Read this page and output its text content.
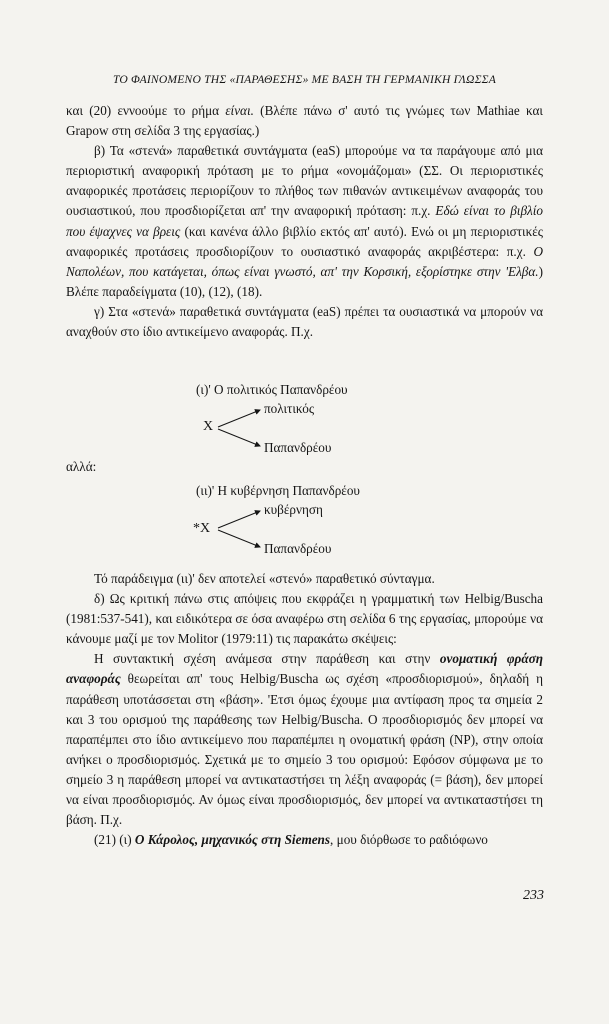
ΤΟ ΦΑΙΝΟΜΕΝΟ ΤΗΣ «ΠΑΡΑΘΕΣΗΣ» ΜΕ ΒΑΣΗ ΤΗ ΓΕΡΜΑΝΙΚΗ ΓΛΩΣΣΑ

και (20) εννοούμε το ρήμα είναι. (Βλέπε πάνω σ' αυτό τις γνώμες των Mathiae και Grapow στη σελίδα 3 της εργασίας.)

β) Τα «στενά» παραθετικά συντάγματα (eaS) μπορούμε να τα παράγουμε από μια περιοριστική αναφορική πρόταση με το ρήμα «ονομάζομαι» (ΣΣ. Οι περιοριστικές αναφορικές προτάσεις περιορίζουν το πλήθος των πιθανών αντικειμένων αναφοράς του ουσιαστικού, που προσδιορίζεται απ' την αναφορική πρόταση: π.χ. Εδώ είναι το βιβλίο που έψαχνες να βρεις (και κανένα άλλο βιβλίο εκτός απ' αυτό). Ενώ οι μη περιοριστικές αναφορικές προτάσεις προσδιορίζουν το ουσιαστικό αναφοράς ακριβέστερα: π.χ. Ο Ναπολέων, που κατάγεται, όπως είναι γνωστό, απ' την Κορσική, εξορίστηκε στην 'Ελβα.) Βλέπε παραδείγματα (10), (12), (18).

γ) Στα «στενά» παραθετικά συντάγματα (eaS) πρέπει τα ουσιαστικά να μπορούν να αναχθούν στο ίδιο αντικείμενο αναφοράς. Π.χ.

(ι)' Ο πολιτικός Παπανδρέου
πολιτικός
X
Παπανδρέου
αλλά:
(ιι)' Η κυβέρνηση Παπανδρέου
κυβέρνηση
*X
Παπανδρέου

Τό παράδειγμα (ιι)' δεν αποτελεί «στενό» παραθετικό σύνταγμα.

δ) Ως κριτική πάνω στις απόψεις που εκφράζει η γραμματική των Helbig/Buscha (1981:537-541), και ειδικότερα σε όσα αναφέρω στη σελίδα 6 της εργασίας, μπορούμε να κάνουμε μαζί με τον Molitor (1979:11) τις παρακάτω σκέψεις:

Η συντακτική σχέση ανάμεσα στην παράθεση και στην ονοματική φράση αναφοράς θεωρείται απ' τους Helbig/Buscha ως σχέση «προσδιορισμού», δηλαδή η παράθεση υποτάσσεται στη «βάση». 'Ετσι όμως έχουμε μια αντίφαση προς τα σημεία 2 και 3 του ορισμού της παράθεσης των Helbig/Buscha. Ο προσδιορισμός δεν μπορεί να παραπέμπει στο ίδιο αντικείμενο που παραπέμπει η ονοματική φράση (NP), στην οποία ανήκει ο προσδιορισμός. Σχετικά με το σημείο 3 του ορισμού: Εφόσον σύμφωνα με το σημείο 3 η παράθεση μπορεί να αντικαταστήσει τη λέξη αναφοράς (= βάση), δεν μπορεί να είναι προσδιορισμός. Αν όμως είναι προσδιορισμός, δεν μπορεί να αντικαταστήσει τη βάση. Π.χ.

(21) (ι) Ο Κάρολος, μηχανικός στη Siemens, μου διόρθωσε το ραδιόφωνο

233
